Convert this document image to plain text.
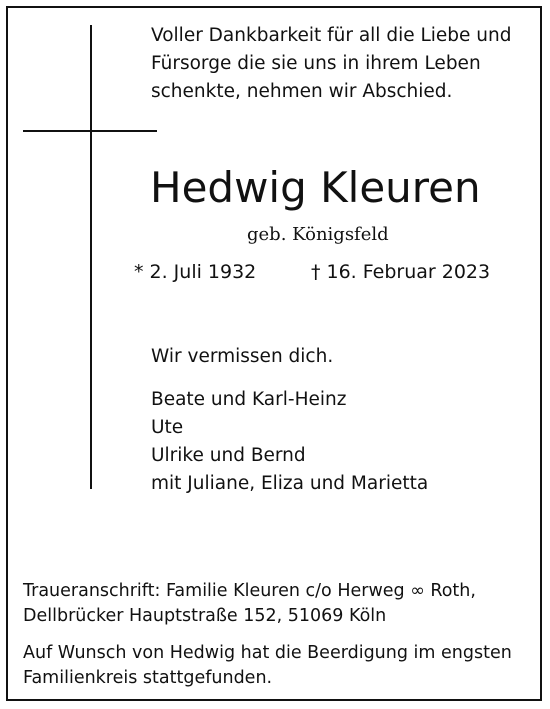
Voller Dankbarkeit für all die Liebe und
Fürsorge die sie uns in ihrem Leben
schenkte, nehmen wir Abschied.
Hedwig Kleuren
geb. Königsfeld
* 2. Juli 1932	† 16. Februar 2023
Wir vermissen dich.
Beate und Karl-Heinz
Ute
Ulrike und Bernd
mit Juliane, Eliza und Marietta
Traueranschrift: Familie Kleuren c/o Herweg ∞ Roth,
Dellbrücker Hauptstraße 152, 51069 Köln
Auf Wunsch von Hedwig hat die Beerdigung im engsten
Familienkreis stattgefunden.
